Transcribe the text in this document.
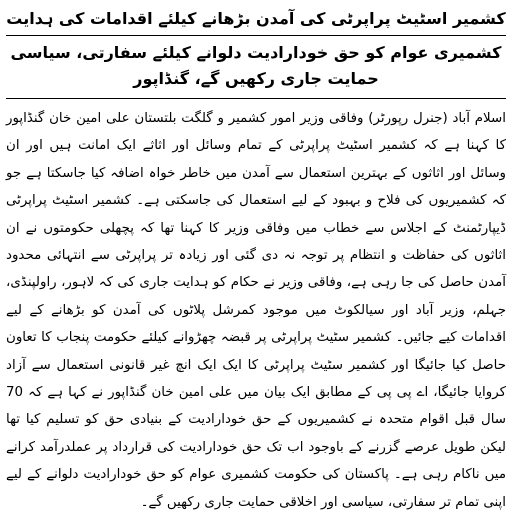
کشمیر اسٹیٹ پراپرٹی کی آمدن بڑھانے کیلئے اقدامات کی ہدایت
کشمیری عوام کو حق خودارادیت دلوانے کیلئے سفارتی، سیاسی حمایت جاری رکھیں گے، گنڈاپور

اسلام آباد (جنرل رپورٹر) وفاقی وزیر امور کشمیر و گلگت بلتستان علی امین خان گنڈاپور کا کہنا ہے کہ کشمیر اسٹیٹ پراپرٹی کے تمام وسائل اور اثاثے ایک امانت ہیں اور ان وسائل اور اثاثوں کے بہترین استعمال سے آمدن میں خاطر خواہ اضافہ کیا جاسکتا ہے جو کہ کشمیریوں کی فلاح و بہبود کے لیے استعمال کی جاسکتی ہے۔ کشمیر اسٹیٹ پراپرٹی ڈیپارٹمنٹ کے اجلاس سے خطاب میں وفاقی وزیر کا کہنا تھا کہ پچھلی حکومتوں نے ان اثاثوں کی حفاظت و انتظام پر توجہ نہ دی گئی اور زیادہ تر پراپرٹی سے انتہائی محدود آمدن حاصل کی جا رہی ہے، وفاقی وزیر نے حکام کو ہدایت جاری کی کہ لاہور، راولپنڈی، جہلم، وزیر آباد اور سیالکوٹ میں موجود کمرشل پلاٹوں کی آمدن کو بڑھانے کے لیے اقدامات کیے جائیں۔ کشمیر سٹیٹ پراپرٹی پر قبضہ چھڑوانے کیلئے حکومت پنجاب کا تعاون حاصل کیا جائیگا اور کشمیر سٹیٹ پراپرٹی کا ایک ایک انچ غیر قانونی استعمال سے آزاد کروایا جائیگا، اے پی پی کے مطابق ایک بیان میں علی امین خان گنڈاپور نے کہا ہے کہ 70 سال قبل اقوام متحدہ نے کشمیریوں کے حق خودارادیت کے بنیادی حق کو تسلیم کیا تھا لیکن طویل عرصے گزرنے کے باوجود اب تک حق خودارادیت کی قرارداد پر عملدرآمد کرانے میں ناکام رہی ہے۔ پاکستان کی حکومت کشمیری عوام کو حق خودارادیت دلوانے کے لیے اپنی تمام تر سفارتی، سیاسی اور اخلاقی حمایت جاری رکھیں گے۔
